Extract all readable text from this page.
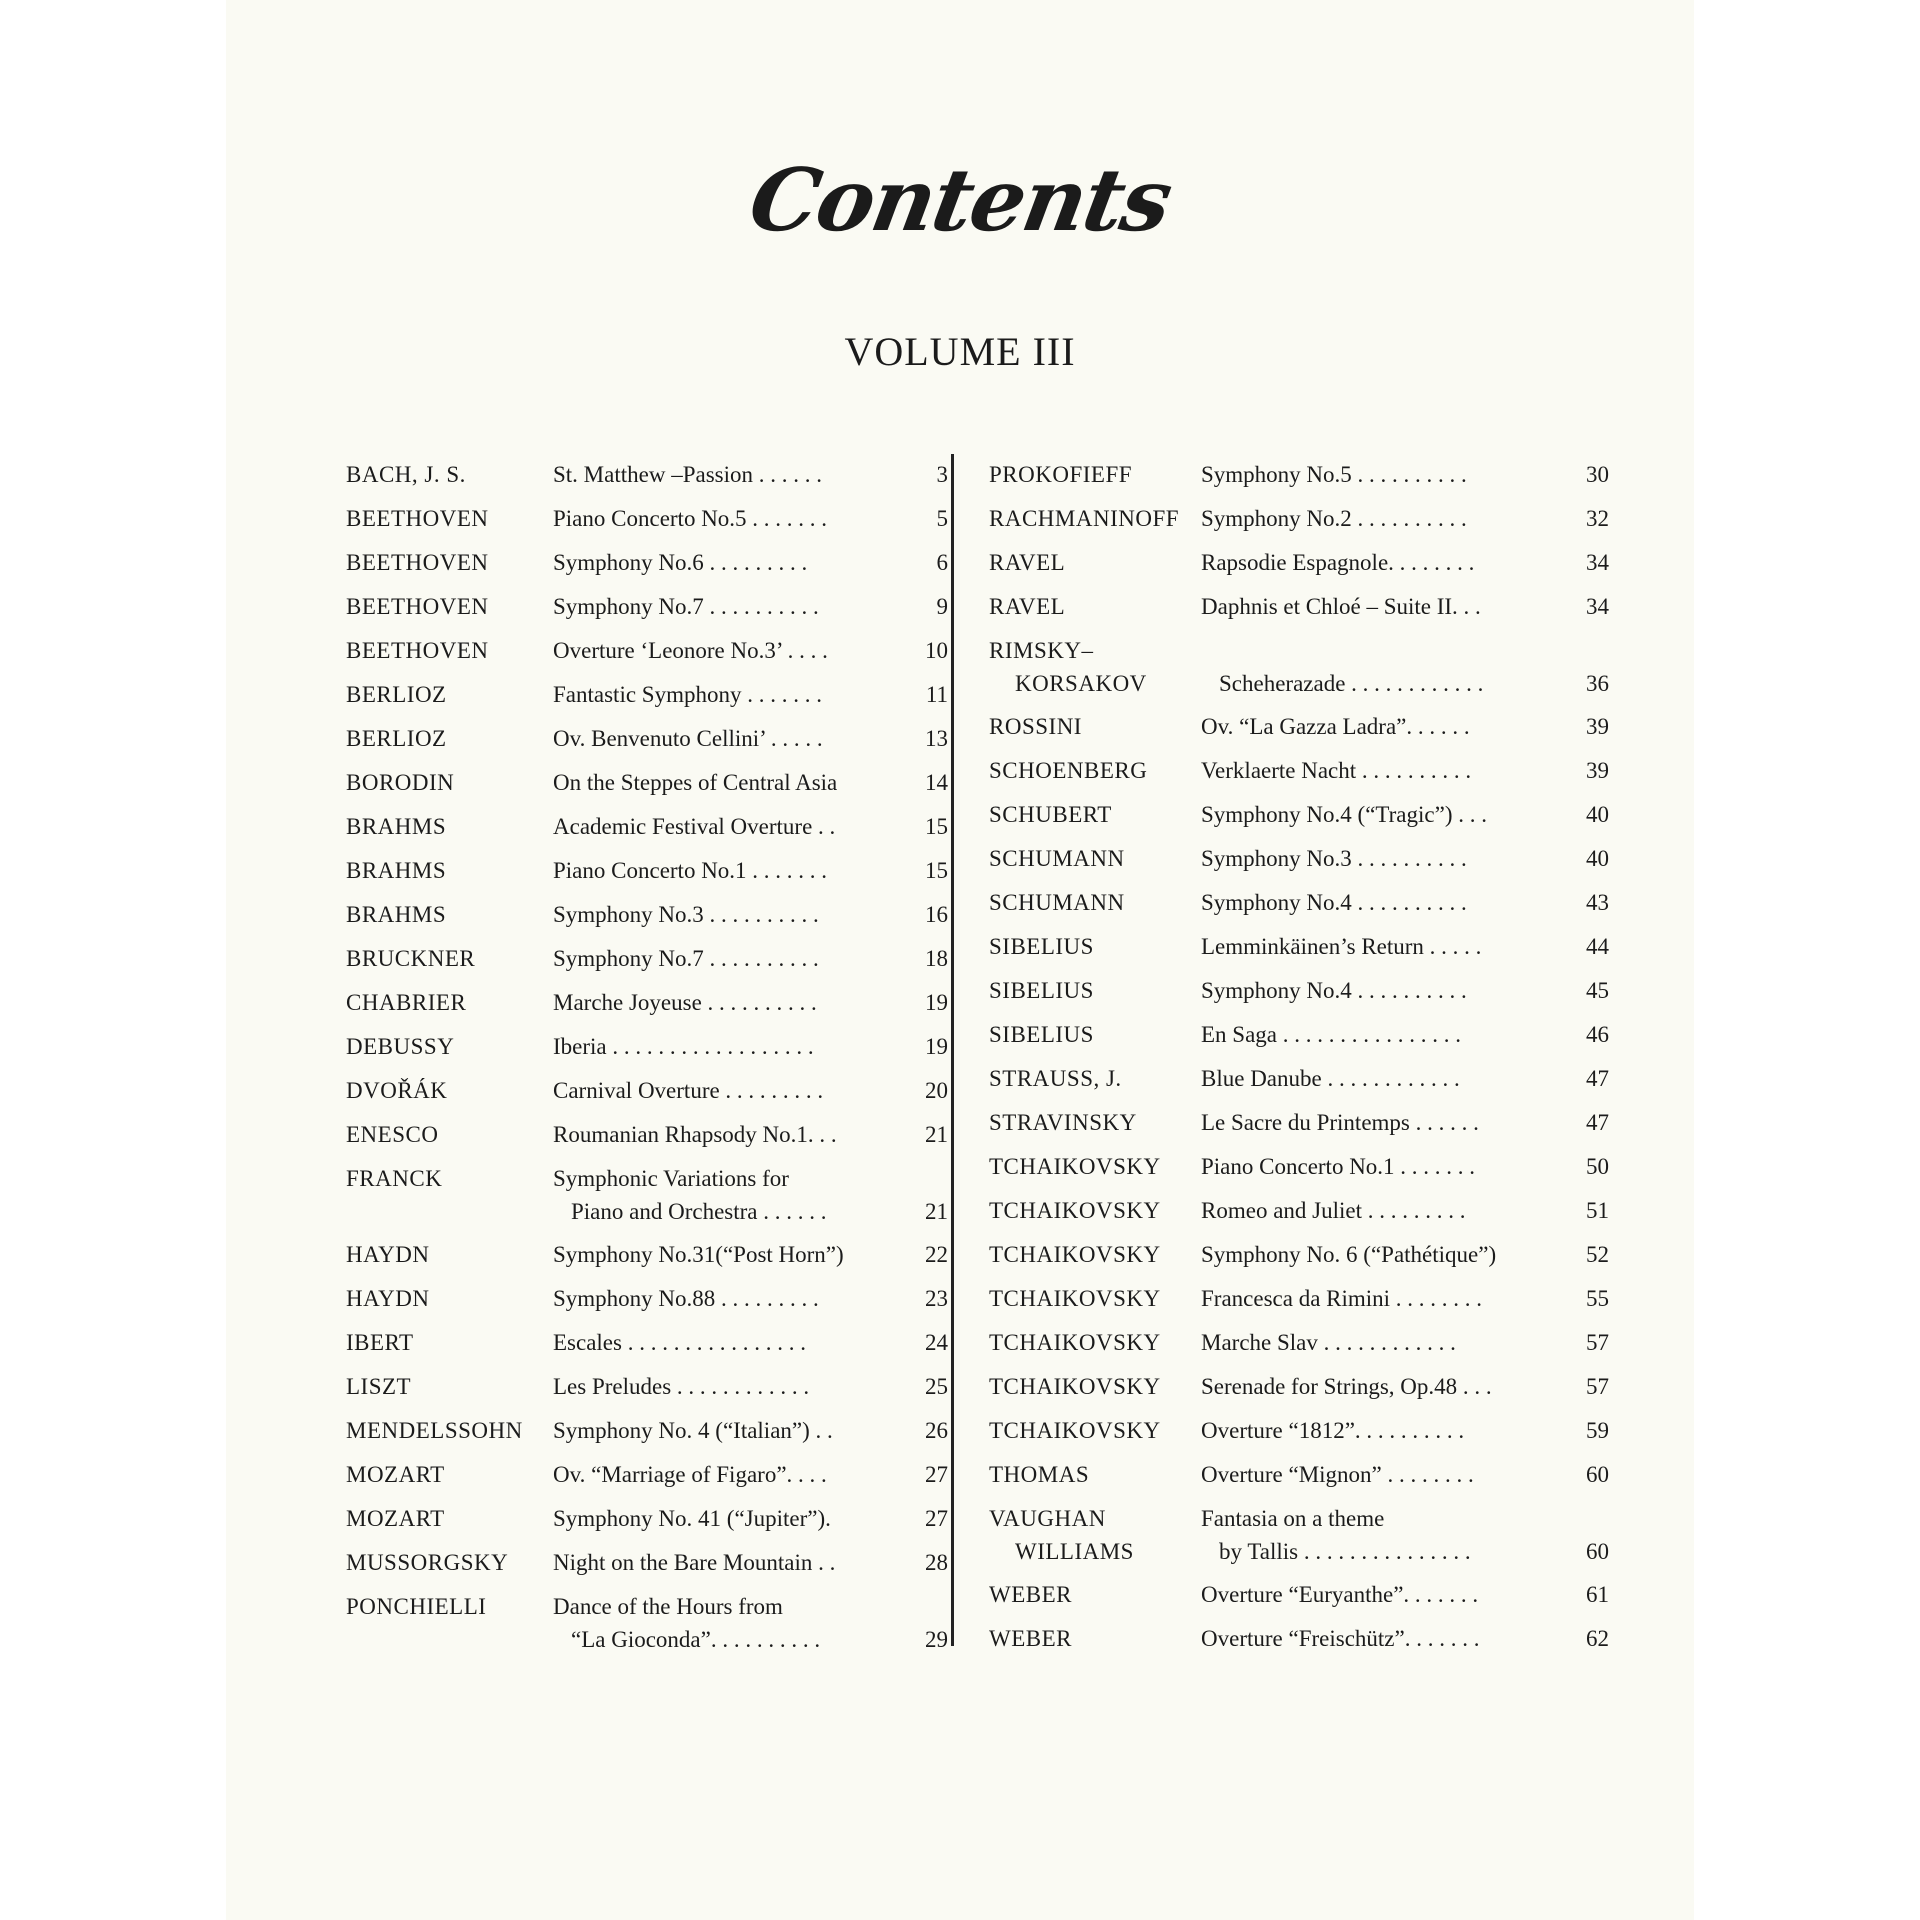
Contents
VOLUME III
BACH, J. S.	St. Matthew –Passion . . . . . .	3
BEETHOVEN	Piano Concerto No.5 . . . . . . .	5
BEETHOVEN	Symphony No.6 . . . . . . . . .	6
BEETHOVEN	Symphony No.7 . . . . . . . . . .	9
BEETHOVEN	Overture ‘Leonore No.3’ . . . .	10
BERLIOZ	Fantastic Symphony . . . . . . .	11
BERLIOZ	Ov. Benvenuto Cellini’ . . . . .	13
BORODIN	On the Steppes of Central Asia	14
BRAHMS	Academic Festival Overture . .	15
BRAHMS	Piano Concerto No.1 . . . . . . .	15
BRAHMS	Symphony No.3 . . . . . . . . . .	16
BRUCKNER	Symphony No.7 . . . . . . . . . .	18
CHABRIER	Marche Joyeuse . . . . . . . . . .	19
DEBUSSY	Iberia . . . . . . . . . . . . . . . . . .	19
DVOŘÁK	Carnival Overture . . . . . . . . .	20
ENESCO	Roumanian Rhapsody No.1. . .	21
FRANCK	Symphonic Variations for
Piano and Orchestra . . . . . .	21
HAYDN	Symphony No.31(“Post Horn”)	22
HAYDN	Symphony No.88 . . . . . . . . .	23
IBERT	Escales . . . . . . . . . . . . . . . .	24
LISZT	Les Preludes . . . . . . . . . . . .	25
MENDELSSOHN Symphony No. 4 (“Italian”) . .	26
MOZART	Ov. “Marriage of Figaro”. . . .	27
MOZART	Symphony No. 41 (“Jupiter”).	27
MUSSORGSKY Night on the Bare Mountain . .	28
PONCHIELLI	Dance of the Hours from
“La Gioconda”. . . . . . . . . .	29
PROKOFIEFF	Symphony No.5 . . . . . . . . . .	30
RACHMANINOFF Symphony No.2 . . . . . . . . . .	32
RAVEL	Rapsodie Espagnole. . . . . . . .	34
RAVEL	Daphnis et Chloé – Suite II. . .	34
RIMSKY–
KORSAKOV	Scheherazade . . . . . . . . . . . .	36
ROSSINI	Ov. “La Gazza Ladra”. . . . . .	39
SCHOENBERG Verklaerte Nacht . . . . . . . . . .	39
SCHUBERT	Symphony No.4 (“Tragic”) . . .	40
SCHUMANN	Symphony No.3 . . . . . . . . . .	40
SCHUMANN	Symphony No.4 . . . . . . . . . .	43
SIBELIUS	Lemminkäinen’s Return . . . . .	44
SIBELIUS	Symphony No.4 . . . . . . . . . .	45
SIBELIUS	En Saga . . . . . . . . . . . . . . . .	46
STRAUSS, J.	Blue Danube . . . . . . . . . . . .	47
STRAVINSKY	Le Sacre du Printemps . . . . . .	47
TCHAIKOVSKY Piano Concerto No.1 . . . . . . .	50
TCHAIKOVSKY Romeo and Juliet . . . . . . . . .	51
TCHAIKOVSKY Symphony No. 6 (“Pathétique”)	52
TCHAIKOVSKY Francesca da Rimini . . . . . . . .	55
TCHAIKOVSKY Marche Slav . . . . . . . . . . . .	57
TCHAIKOVSKY Serenade for Strings, Op.48 . . .	57
TCHAIKOVSKY Overture “1812”. . . . . . . . . .	59
THOMAS	Overture “Mignon” . . . . . . . .	60
VAUGHAN	Fantasia on a theme
WILLIAMS	by Tallis . . . . . . . . . . . . . . .	60
WEBER	Overture “Euryanthe”. . . . . . .	61
WEBER	Overture “Freischütz”. . . . . . .	62
